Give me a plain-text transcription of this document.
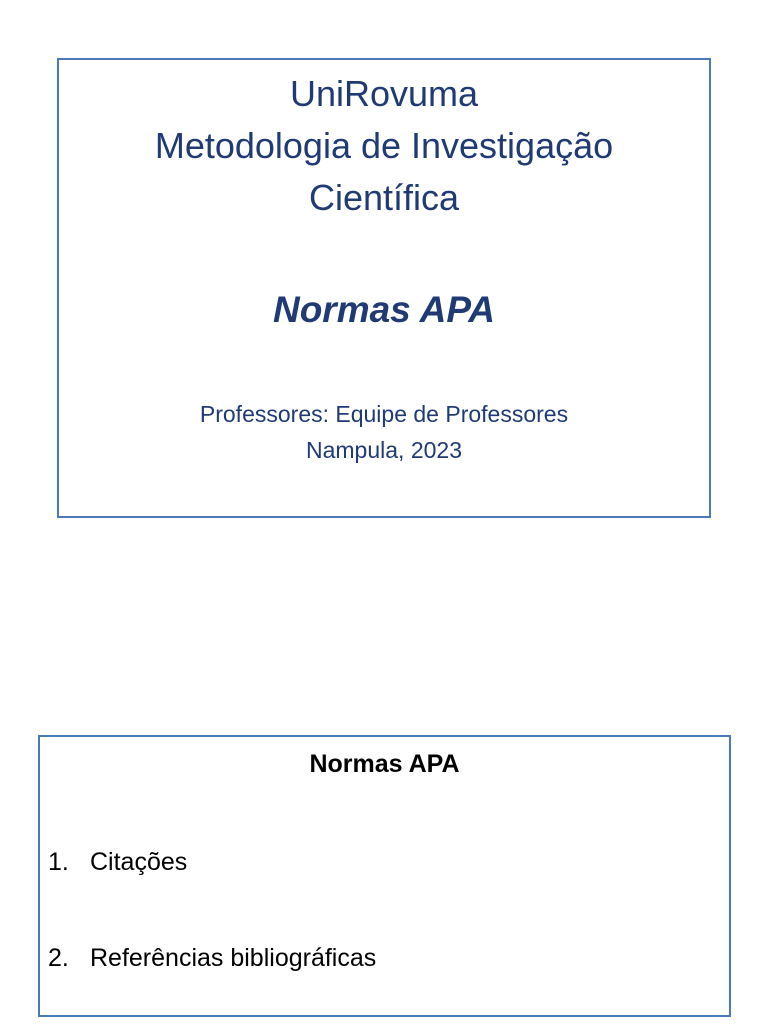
UniRovuma
Metodologia de Investigação
Científica
Normas APA
Professores: Equipe de Professores
Nampula, 2023
Normas APA
1. Citações
2. Referências bibliográficas
